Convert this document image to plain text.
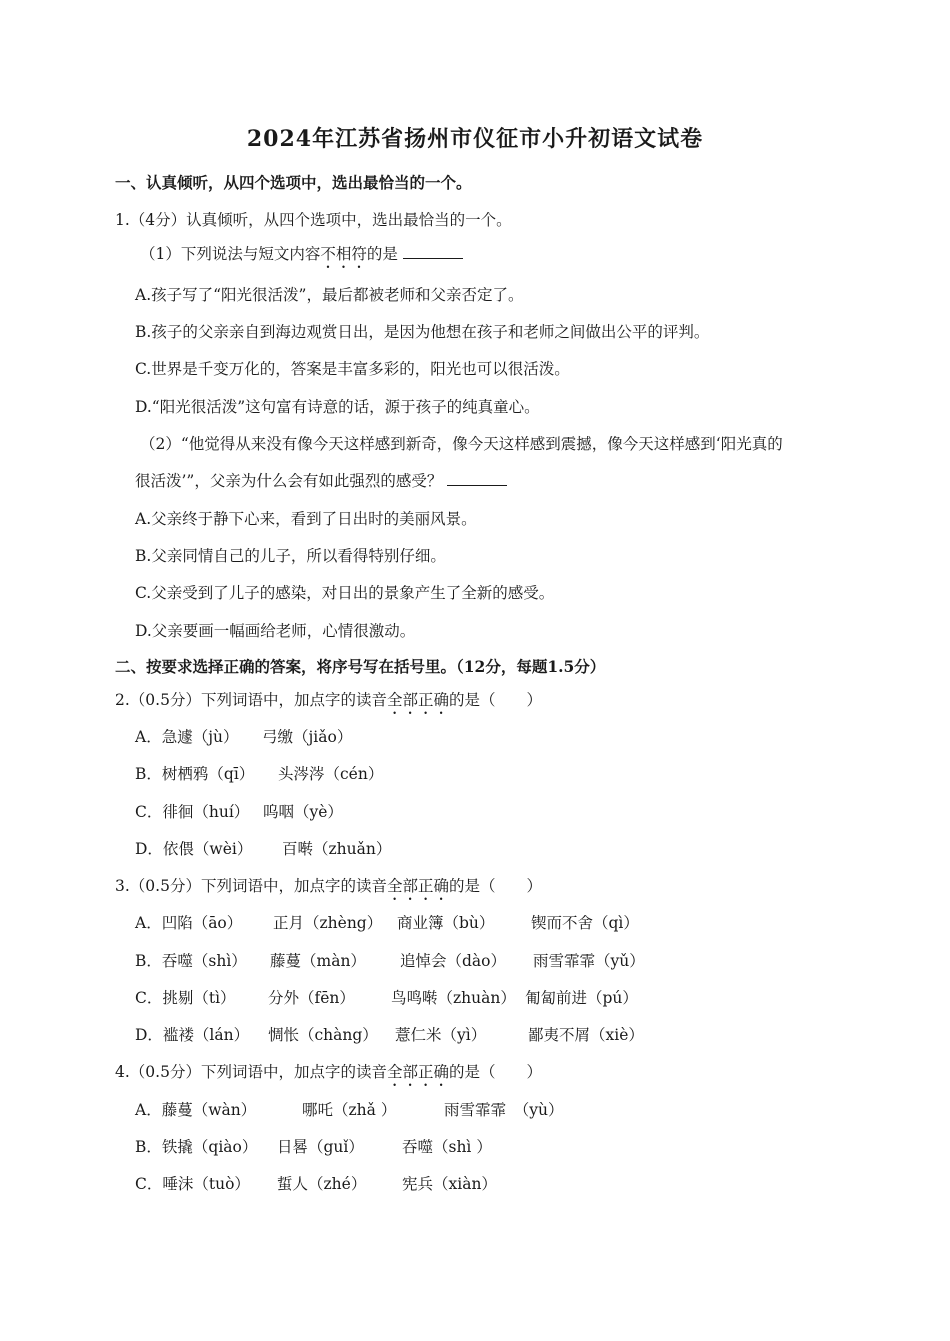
2024年江苏省扬州市仪征市小升初语文试卷
一、认真倾听，从四个选项中，选出最恰当的一个。
1.（4分）认真倾听，从四个选项中，选出最恰当的一个。
（1）下列说法与短文内容不相符的是
A.孩子写了“阳光很活泼”，最后都被老师和父亲否定了。
B.孩子的父亲亲自到海边观赏日出，是因为他想在孩子和老师之间做出公平的评判。
C.世界是千变万化的，答案是丰富多彩的，阳光也可以很活泼。
D.“阳光很活泼”这句富有诗意的话，源于孩子的纯真童心。
（2）“他觉得从来没有像今天这样感到新奇，像今天这样感到震撼，像今天这样感到‘阳光真的
很活泼’”，父亲为什么会有如此强烈的感受？
A.父亲终于静下心来，看到了日出时的美丽风景。
B.父亲同情自己的儿子，所以看得特别仔细。
C.父亲受到了儿子的感染，对日出的景象产生了全新的感受。
D.父亲要画一幅画给老师，心情很激动。
二、按要求选择正确的答案，将序号写在括号里。（12分，每题1.5分）
2.（0.5分）下列词语中，加点字的读音全部正确的是（　　）
A．急遽（jù） 弓缴（jiǎo）
B．树栖鸦（qī） 头涔涔（cén）
C．徘徊（huí） 呜咽（yè）
D．依偎（wèi） 百啭（zhuǎn）
3.（0.5分）下列词语中，加点字的读音全部正确的是（　　）
A．凹陷（āo） 正月（zhèng） 商业簿（bù） 锲而不舍（qì）
B．吞噬（shì） 藤蔓（màn） 追悼会（dào） 雨雪霏霏（yǔ）
C．挑剔（tì） 分外（fēn） 鸟鸣啭（zhuàn） 匍匐前进（pú）
D．褴褛（lán） 惆怅（chàng） 薏仁米（yì）	鄙夷不屑（xiè）
4.（0.5分）下列词语中，加点字的读音全部正确的是（　　）
A．藤蔓（wàn）	哪吒（zhǎ ）	雨雪霏霏　（yù）
B．铁撬（qiào） 日晷（guǐ） 吞噬（shì ）
C．唾沫（tuò） 蜇人（zhé） 宪兵（xiàn）
